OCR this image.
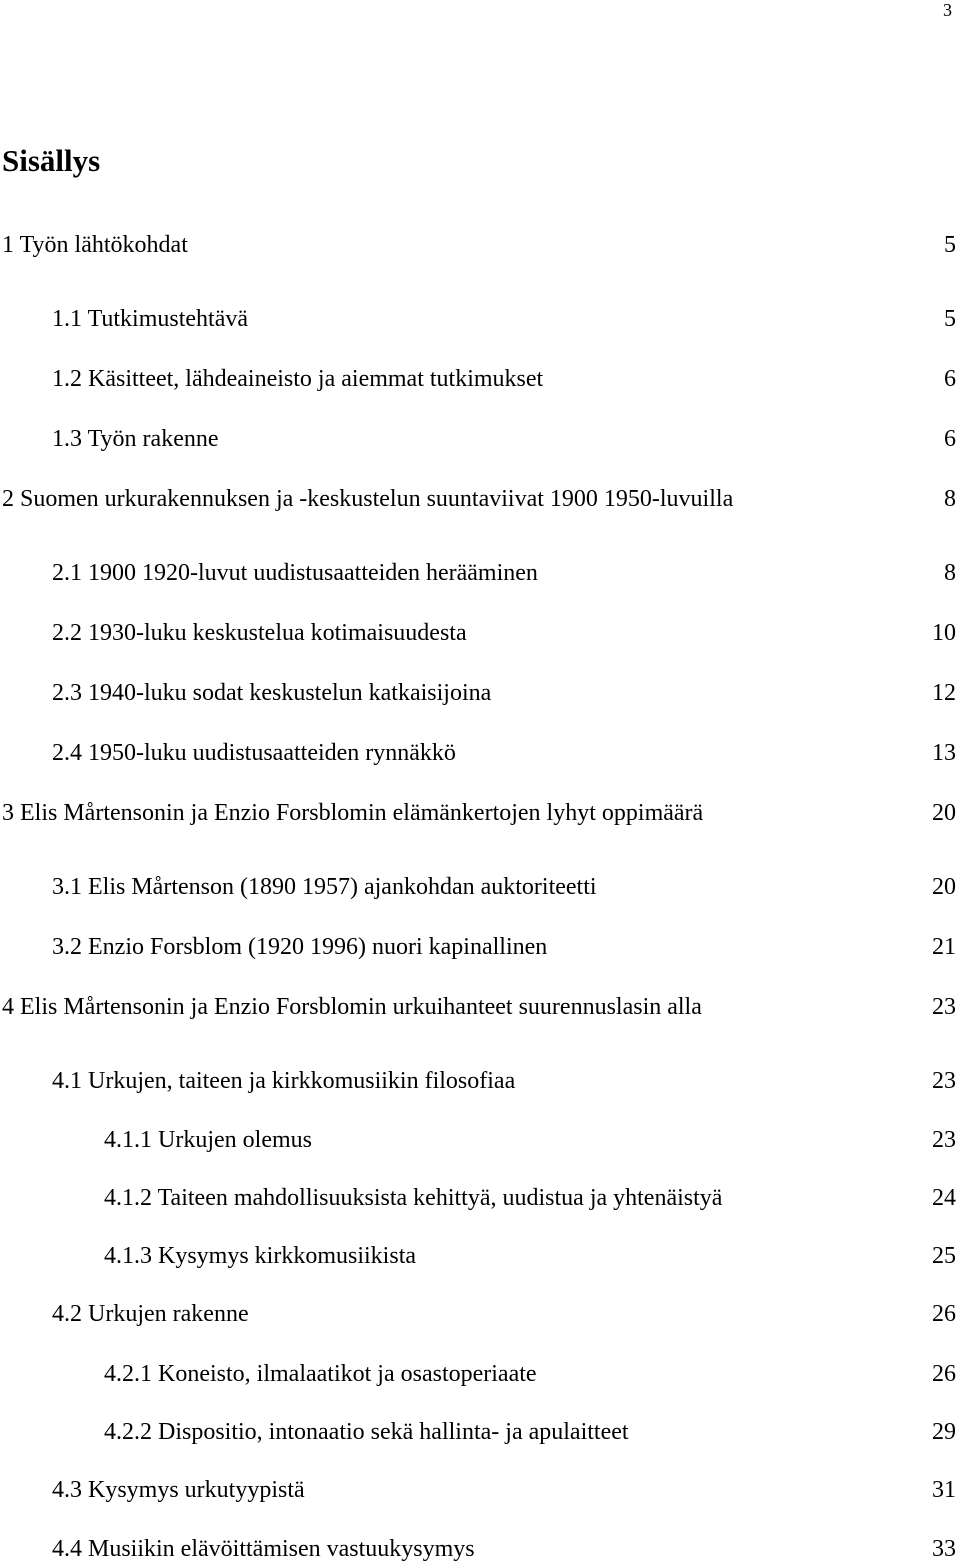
3
Sisällys
1 Työn lähtökohdat	5
1.1 Tutkimustehtävä	5
1.2 Käsitteet, lähdeaineisto ja aiemmat tutkimukset	6
1.3 Työn rakenne	6
2 Suomen urkurakennuksen ja -keskustelun suuntaviivat 1900 1950-luvuilla	8
2.1 1900 1920-luvut uudistusaatteiden herääminen	8
2.2 1930-luku keskustelua kotimaisuudesta	10
2.3 1940-luku sodat keskustelun katkaisijoina	12
2.4 1950-luku uudistusaatteiden rynnäkkö	13
3 Elis Mårtensonin ja Enzio Forsblomin elämänkertojen lyhyt oppimäärä	20
3.1 Elis Mårtenson (1890 1957) ajankohdan auktoriteetti	20
3.2 Enzio Forsblom (1920 1996) nuori kapinallinen	21
4 Elis Mårtensonin ja Enzio Forsblomin urkuihanteet suurennuslasin alla	23
4.1 Urkujen, taiteen ja kirkkomusiikin filosofiaa	23
4.1.1 Urkujen olemus	23
4.1.2 Taiteen mahdollisuuksista kehittyä, uudistua ja yhtenäistyä	24
4.1.3 Kysymys kirkkomusiikista	25
4.2 Urkujen rakenne	26
4.2.1 Koneisto, ilmalaatikot ja osastoperiaate	26
4.2.2 Dispositio, intonaatio sekä hallinta- ja apulaitteet	29
4.3 Kysymys urkutyypistä	31
4.4 Musiikin elävöittämisen vastuukysymys	33
